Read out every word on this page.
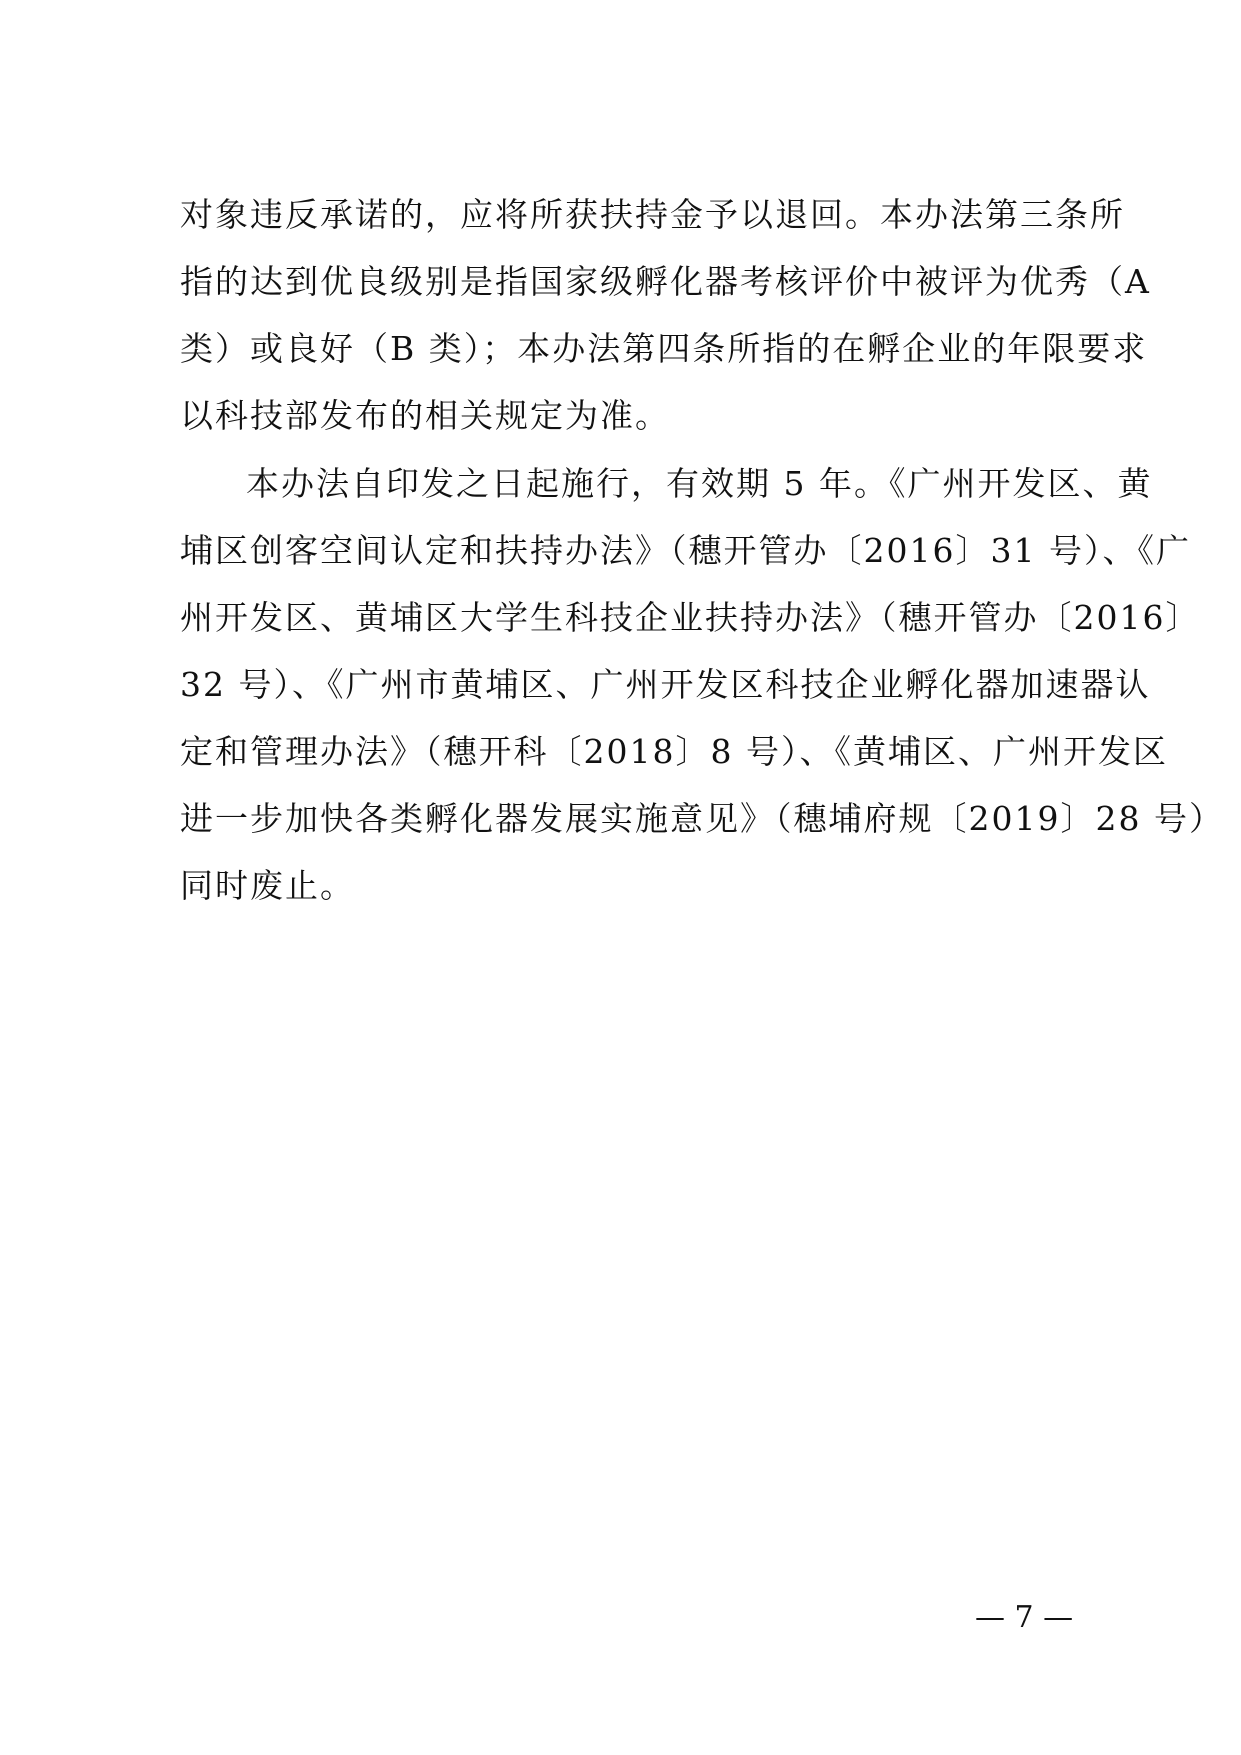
对象违反承诺的，应将所获扶持金予以退回。本办法第三条所
指的达到优良级别是指国家级孵化器考核评价中被评为优秀（A
类）或良好（B 类）；本办法第四条所指的在孵企业的年限要求
以科技部发布的相关规定为准。
本办法自印发之日起施行，有效期 5 年。《广州开发区、黄
埔区创客空间认定和扶持办法》（穗开管办〔2016〕31 号）、《广
州开发区、黄埔区大学生科技企业扶持办法》（穗开管办〔2016〕
32 号）、《广州市黄埔区、广州开发区科技企业孵化器加速器认
定和管理办法》（穗开科〔2018〕8 号）、《黄埔区、广州开发区
进一步加快各类孵化器发展实施意见》（穗埔府规〔2019〕28 号）
同时废止。
— 7 —
